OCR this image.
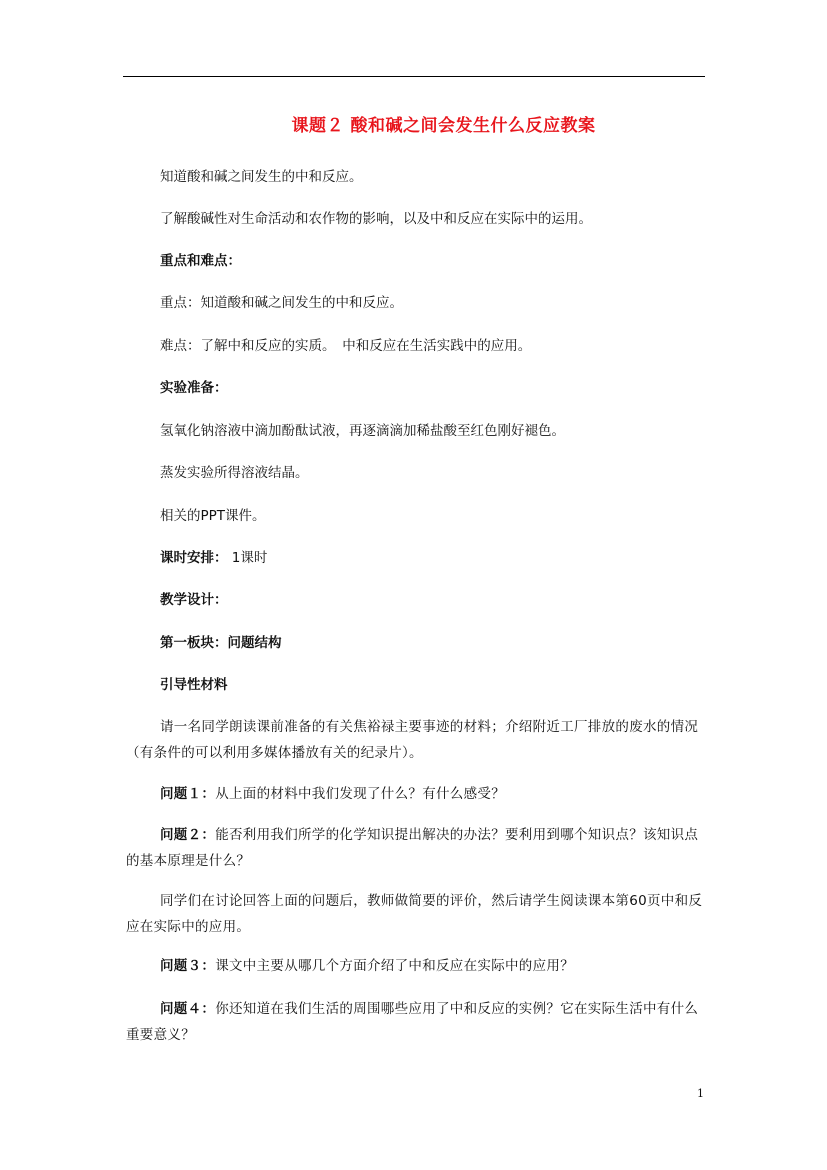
课题２ 酸和碱之间会发生什么反应教案
知道酸和碱之间发生的中和反应。
了解酸碱性对生命活动和农作物的影响，以及中和反应在实际中的运用。
重点和难点：
重点：知道酸和碱之间发生的中和反应。
难点：了解中和反应的实质。　中和反应在生活实践中的应用。
实验准备：
氢氧化钠溶液中滴加酚酞试液，再逐滴滴加稀盐酸至红色刚好褪色。
蒸发实验所得溶液结晶。
相关的PPT课件。
课时安排： 1课时
教学设计：
第一板块：问题结构
引导性材料
请一名同学朗读课前准备的有关焦裕禄主要事迹的材料；介绍附近工厂排放的废水的情况（有条件的可以利用多媒体播放有关的纪录片）。
问题１：从上面的材料中我们发现了什么？有什么感受？
问题２：能否利用我们所学的化学知识提出解决的办法？要利用到哪个知识点？该知识点的基本原理是什么？
同学们在讨论回答上面的问题后，教师做简要的评价，然后请学生阅读课本第60页中和反应在实际中的应用。
问题３：课文中主要从哪几个方面介绍了中和反应在实际中的应用？
问题４：你还知道在我们生活的周围哪些应用了中和反应的实例？它在实际生活中有什么重要意义？
1
